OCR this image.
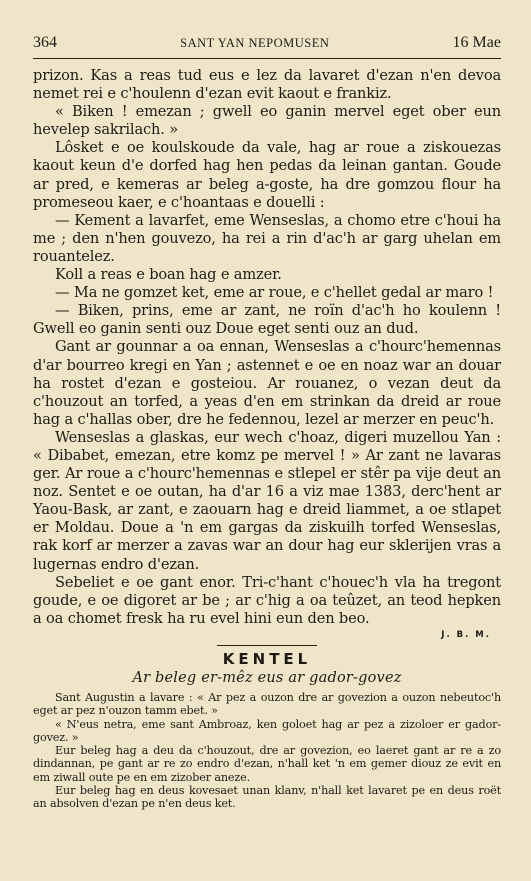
364	SANT YAN NEPOMUSEN	16 Mae

prizon. Kas a reas tud eus e lez da lavaret d'ezan n'en devoa nemet rei e c'houlenn d'ezan evit kaout e frankiz.

« Biken ! emezan ; gwell eo ganin mervel eget ober eun hevelep sakrilach. »

Lôsket e oe koulskoude da vale, hag ar roue a ziskouezas kaout keun d'e dorfed hag hen pedas da leinan gantan. Goude ar pred, e kemeras ar beleg a-goste, ha dre gomzou flour ha promeseou kaer, e c'hoantaas e douelli :

— Kement a lavarfet, eme Wenseslas, a chomo etre c'houi ha me ; den n'hen gouvezo, ha rei a rin d'ac'h ar garg uhelan em rouantelez.

Koll a reas e boan hag e amzer.

— Ma ne gomzet ket, eme ar roue, e c'hellet gedal ar maro !

— Biken, prins, eme ar zant, ne roïn d'ac'h ho koulenn ! Gwell eo ganin senti ouz Doue eget senti ouz an dud.

Gant ar gounnar a oa ennan, Wenseslas a c'hourc'hemennas d'ar bourreo kregi en Yan ; astennet e oe en noaz war an douar ha rostet d'ezan e gosteiou. Ar rouanez, o vezan deut da c'houzout an torfed, a yeas d'en em strinkan da dreid ar roue hag a c'hallas ober, dre he fedennou, lezel ar merzer en peuc'h.

Wenseslas a glaskas, eur wech c'hoaz, digeri muzellou Yan : « Dibabet, emezan, etre komz pe mervel ! » Ar zant ne lavaras ger. Ar roue a c'hourc'hemennas e stlepel er stêr pa vije deut an noz. Sentet e oe outan, ha d'ar 16 a viz mae 1383, derc'hent ar Yaou-Bask, ar zant, e zaouarn hag e dreid liammet, a oe stlapet er Moldau. Doue a 'n em gargas da ziskuilh torfed Wenseslas, rak korf ar merzer a zavas war an dour hag eur sklerijen vras a lugernas endro d'ezan.

Sebeliet e oe gant enor. Tri-c'hant c'houec'h vla ha tregont goude, e oe digoret ar be ; ar c'hig a oa teûzet, an teod hepken a oa chomet fresk ha ru evel hini eun den beo.

J. B. M.
KENTEL
Ar beleg er-mêz eus ar gador-govez

Sant Augustin a lavare : « Ar pez a ouzon dre ar govezion a ouzon nebeutoc'h eget ar pez n'ouzon tamm ebet. »

« N'eus netra, eme sant Ambroaz, ken goloet hag ar pez a zizoloer er gador-govez. »

Eur beleg hag a deu da c'houzout, dre ar govezion, eo laeret gant ar re a zo dindannan, pe gant ar re zo endro d'ezan, n'hall ket 'n em gemer diouz ze evit en em ziwall oute pe en em zizober aneze.

Eur beleg hag en deus kovesaet unan klanv, n'hall ket lavaret pe en deus roët an absolven d'ezan pe n'en deus ket.
